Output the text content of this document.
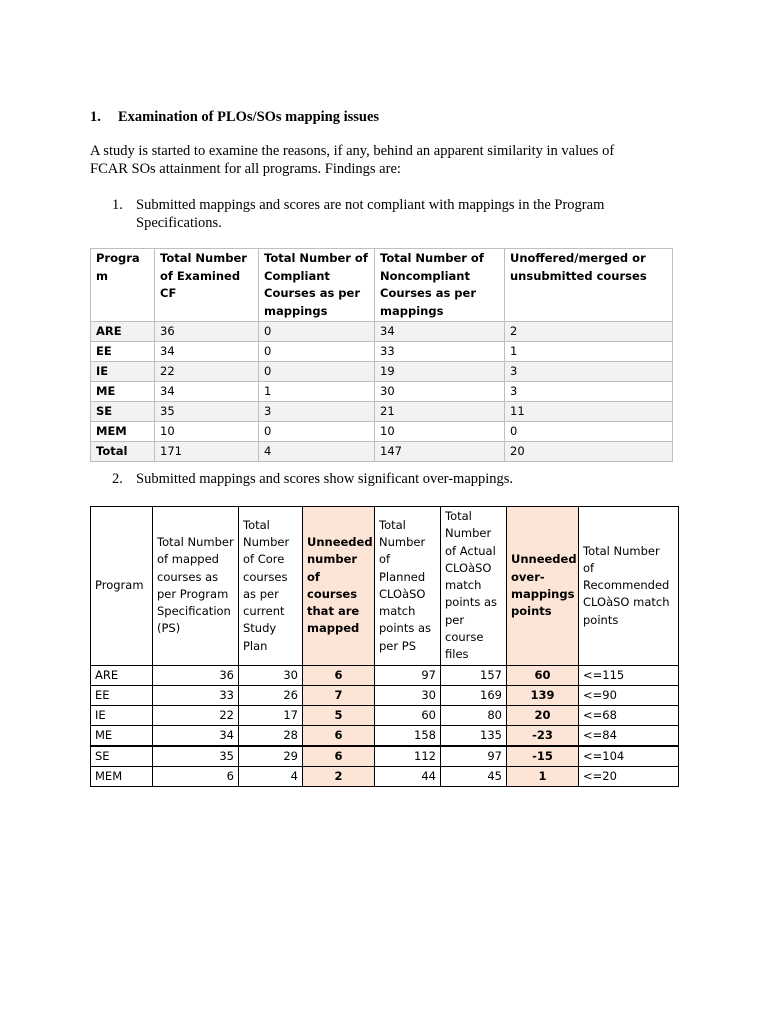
1. Examination of PLOs/SOs mapping issues
A study is started to examine the reasons, if any, behind an apparent similarity in values of FCAR SOs attainment for all programs. Findings are:
1. Submitted mappings and scores are not compliant with mappings in the Program Specifications.
Progra m	Total Number of Examined CF	Total Number of Compliant Courses as per mappings	Total Number of Noncompliant Courses as per mappings	Unoffered/merged or unsubmitted courses
ARE	36	0	34	2
EE	34	0	33	1
IE	22	0	19	3
ME	34	1	30	3
SE	35	3	21	11
MEM	10	0	10	0
Total	171	4	147	20
2. Submitted mappings and scores show significant over-mappings.
Program	Total Number of mapped courses as per Program Specification (PS)	Total Number of Core courses as per current Study Plan	Unneeded number of courses that are mapped	Total Number of Planned CLOàSO match points as per PS	Total Number of Actual CLOàSO match points as per course files	Unneeded over-mappings points	Total Number of Recommended CLOàSO match points
ARE	36	30	6	97	157	60	<=115
EE	33	26	7	30	169	139	<=90
IE	22	17	5	60	80	20	<=68
ME	34	28	6	158	135	-23	<=84
SE	35	29	6	112	97	-15	<=104
MEM	6	4	2	44	45	1	<=20
